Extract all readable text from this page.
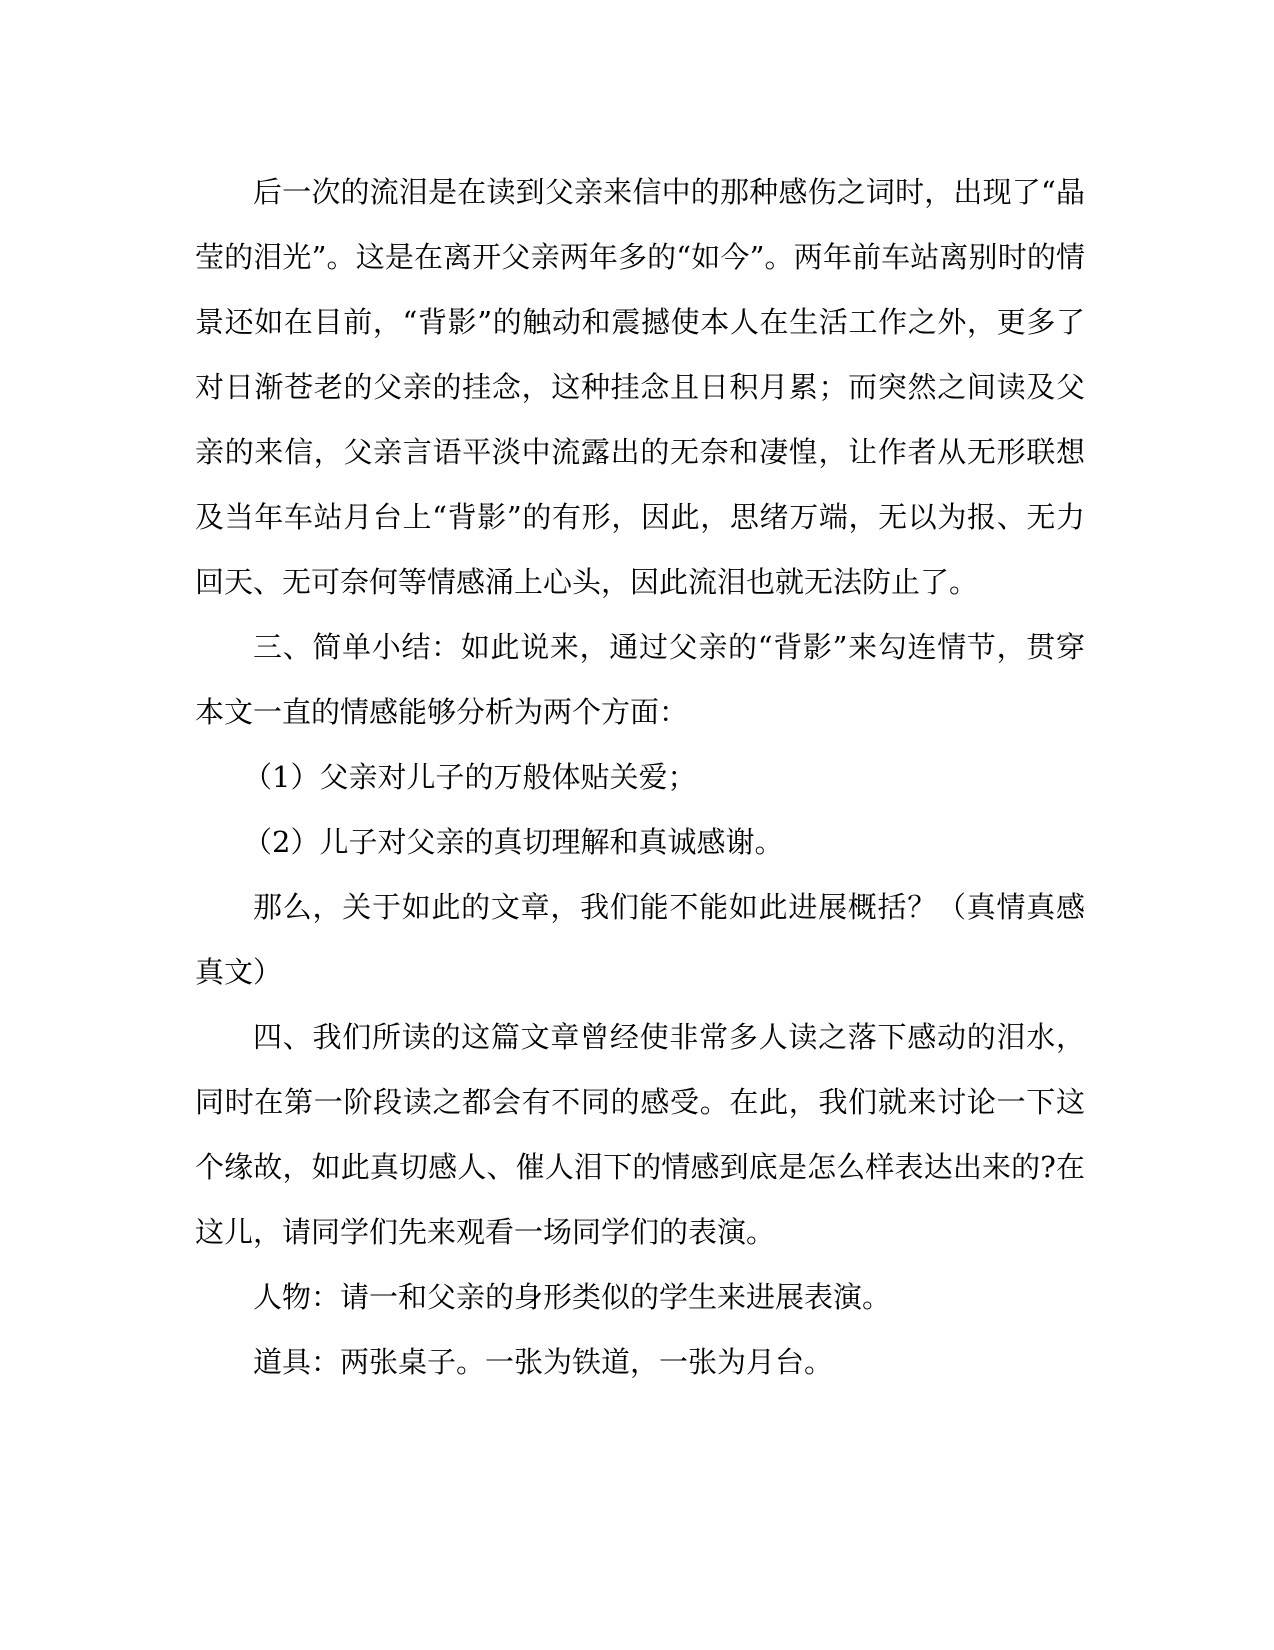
后一次的流泪是在读到父亲来信中的那种感伤之词时，出现了“晶莹的泪光”。这是在离开父亲两年多的“如今”。两年前车站离别时的情景还如在目前，“背影”的触动和震撼使本人在生活工作之外，更多了对日渐苍老的父亲的挂念，这种挂念且日积月累；而突然之间读及父亲的来信，父亲言语平淡中流露出的无奈和凄惶，让作者从无形联想及当年车站月台上“背影”的有形，因此，思绪万端，无以为报、无力回天、无可奈何等情感涌上心头，因此流泪也就无法防止了。

三、简单小结：如此说来，通过父亲的“背影”来勾连情节，贯穿本文一直的情感能够分析为两个方面：

（1）父亲对儿子的万般体贴关爱；

（2）儿子对父亲的真切理解和真诚感谢。

那么，关于如此的文章，我们能不能如此进展概括？（真情真感真文）

四、我们所读的这篇文章曾经使非常多人读之落下感动的泪水，同时在第一阶段读之都会有不同的感受。在此，我们就来讨论一下这个缘故，如此真切感人、催人泪下的情感到底是怎么样表达出来的?在这儿，请同学们先来观看一场同学们的表演。

人物：请一和父亲的身形类似的学生来进展表演。

道具：两张桌子。一张为铁道，一张为月台。
